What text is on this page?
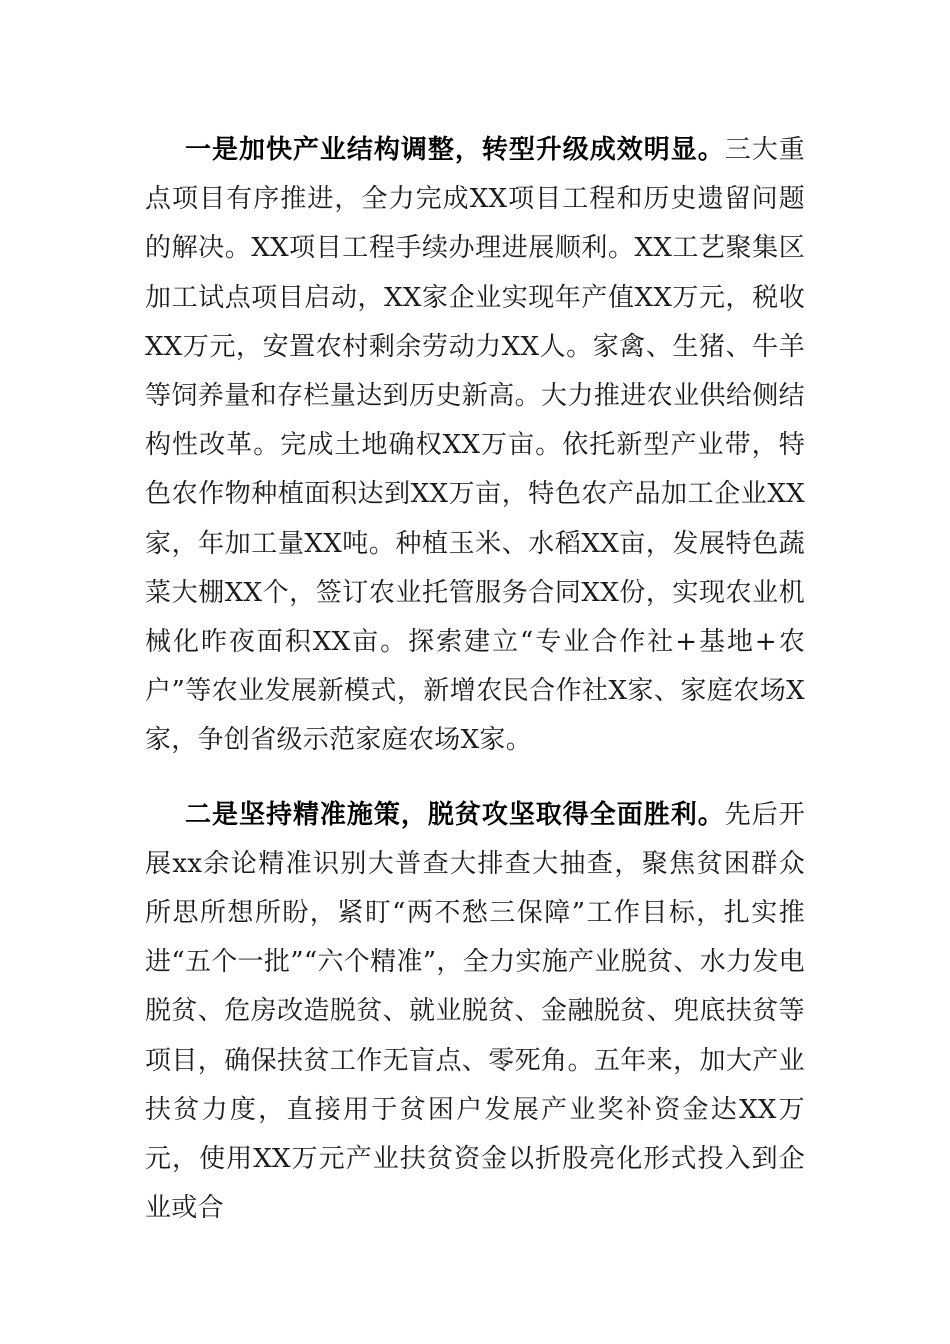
一是加快产业结构调整，转型升级成效明显。三大重点项目有序推进，全力完成XX项目工程和历史遗留问题的解决。XX项目工程手续办理进展顺利。XX工艺聚集区加工试点项目启动，XX家企业实现年产值XX万元，税收XX万元，安置农村剩余劳动力XX人。家禽、生猪、牛羊等饲养量和存栏量达到历史新高。大力推进农业供给侧结构性改革。完成土地确权XX万亩。依托新型产业带，特色农作物种植面积达到XX万亩，特色农产品加工企业XX家，年加工量XX吨。种植玉米、水稻XX亩，发展特色蔬菜大棚XX个，签订农业托管服务合同XX份，实现农业机械化昨夜面积XX亩。探索建立“专业合作社+基地+农户”等农业发展新模式，新增农民合作社X家、家庭农场X家，争创省级示范家庭农场X家。

二是坚持精准施策，脱贫攻坚取得全面胜利。先后开展xx余论精准识别大普查大排查大抽查，聚焦贫困群众所思所想所盼，紧盯“两不愁三保障”工作目标，扎实推进“五个一批”“六个精准”，全力实施产业脱贫、水力发电脱贫、危房改造脱贫、就业脱贫、金融脱贫、兜底扶贫等项目，确保扶贫工作无盲点、零死角。五年来，加大产业扶贫力度，直接用于贫困户发展产业奖补资金达XX万元，使用XX万元产业扶贫资金以折股亮化形式投入到企业或合
